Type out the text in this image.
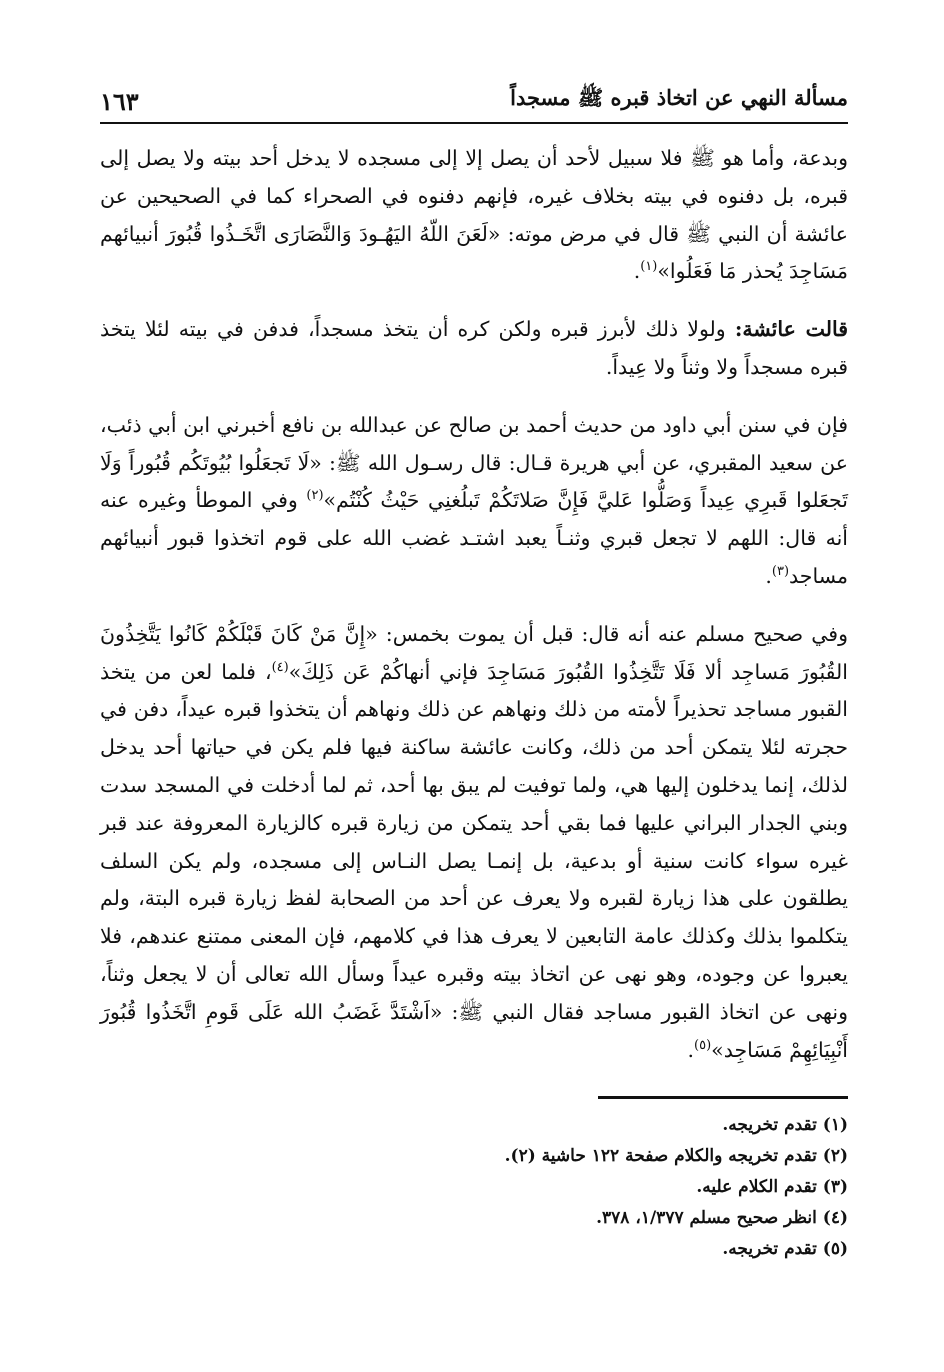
١٦٣	مسألة النهي عن اتخاذ قبره ﷺ مسجداً

وبدعة، وأما هو ﷺ فلا سبيل لأحد أن يصل إلا إلى مسجده لا يدخل أحد بيته ولا يصل إلى قبره، بل دفنوه في بيته بخلاف غيره، فإنهم دفنوه في الصحراء كما في الصحيحين عن عائشة أن النبي ﷺ قال في مرض موته: «لَعَنَ اللّهُ اليَهُـودَ وَالنَّصَارَى اتَّخَـذُوا قُبُورَ أنبيائهم مَسَاجِدَ يُحذر مَا فَعَلُوا»$^{(١)}$.

قالت عائشة: ولولا ذلك لأبرز قبره ولكن كره أن يتخذ مسجداً، فدفن في بيته لئلا يتخذ قبره مسجداً ولا وثناً ولا عِيداً.

فإن في سنن أبي داود من حديث أحمد بن صالح عن عبدالله بن نافع أخبرني ابن أبي ذئب، عن سعيد المقبري، عن أبي هريرة قـال: قال رسـول الله ﷺ: «لَا تَجعَلُوا بُيُوتَكُم قُبُوراً وَلَا تَجعَلوا قَبرِي عِيداً وَصَلُّوا عَليَّ فَإِنَّ صَلاتَكُمْ تَبلُغنِي حَيْثُ كُنْتُم»$^{(٢)}$ وفي الموطأ وغيره عنه أنه قال: اللهم لا تجعل قبري وثنـاً يعبد اشتـد غضب الله على قوم اتخذوا قبور أنبيائهم مساجد$^{(٣)}$.

وفي صحيح مسلم عنه أنه قال: قبل أن يموت بخمس: «إِنَّ مَنْ كَانَ قَبْلَكُمْ كَانُوا يَتَّخِذُونَ القُبُورَ مَساجِد ألا فَلَا تَتَّخِذُوا القُبُورَ مَسَاجِدَ فإني أنهاكُمْ عَن ذَلِكَ»$^{(٤)}$، فلما لعن من يتخذ القبور مساجد تحذيراً لأمته من ذلك ونهاهم عن ذلك ونهاهم أن يتخذوا قبره عيداً، دفن في حجرته لئلا يتمكن أحد من ذلك، وكانت عائشة ساكنة فيها فلم يكن في حياتها أحد يدخل لذلك، إنما يدخلون إليها هي، ولما توفيت لم يبق بها أحد، ثم لما أدخلت في المسجد سدت وبني الجدار البراني عليها فما بقي أحد يتمكن من زيارة قبره كالزيارة المعروفة عند قبر غيره سواء كانت سنية أو بدعية، بل إنمـا يصل النـاس إلى مسجده، ولم يكن السلف يطلقون على هذا زيارة لقبره ولا يعرف عن أحد من الصحابة لفظ زيارة قبره البتة، ولم يتكلموا بذلك وكذلك عامة التابعين لا يعرف هذا في كلامهم، فإن المعنى ممتنع عندهم، فلا يعبروا عن وجوده، وهو نهى عن اتخاذ بيته وقبره عيداً وسأل الله تعالى أن لا يجعل وثناً، ونهى عن اتخاذ القبور مساجد فقال النبي ﷺ: «اَشْتَدَّ غَضَبُ الله عَلَى قَومِ اتَّخَذُوا قُبُورَ أَنْبِيَائِهِمْ مَسَاجِد»$^{(٥)}$.

(١) تقدم تخريجه.
(٢) تقدم تخريجه والكلام صفحة ١٢٢ حاشية (٢).
(٣) تقدم الكلام عليه.
(٤) انظر صحيح مسلم ١/٣٧٧، ٣٧٨.
(٥) تقدم تخريجه.
